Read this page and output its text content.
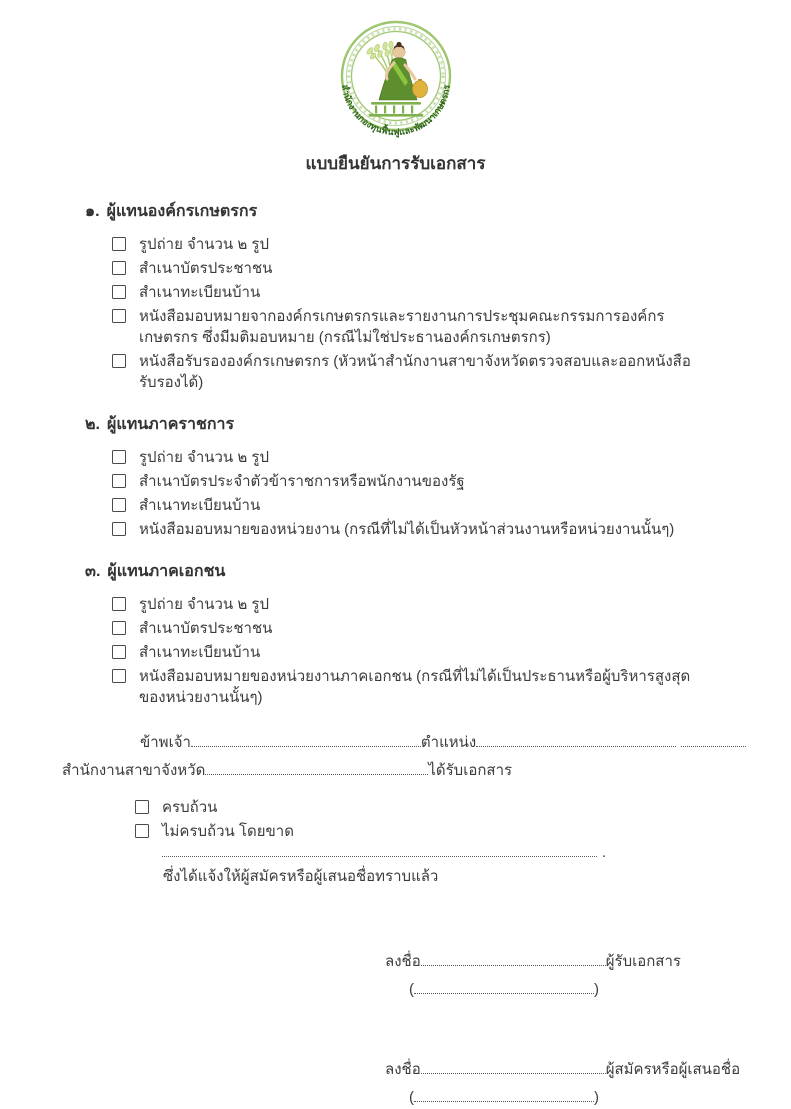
สำนักงานกองทุนฟื้นฟูและพัฒนาเกษตรกร
แบบยืนยันการรับเอกสาร
๑. ผู้แทนองค์กรเกษตรกร
รูปถ่าย จำนวน ๒ รูป
สำเนาบัตรประชาชน
สำเนาทะเบียนบ้าน
หนังสือมอบหมายจากองค์กรเกษตรกรและรายงานการประชุมคณะกรรมการองค์กรเกษตรกร ซึ่งมีมติมอบหมาย (กรณีไม่ใช่ประธานองค์กรเกษตรกร)
หนังสือรับรององค์กรเกษตรกร (หัวหน้าสำนักงานสาขาจังหวัดตรวจสอบและออกหนังสือรับรองได้)
๒. ผู้แทนภาคราชการ
รูปถ่าย จำนวน ๒ รูป
สำเนาบัตรประจำตัวข้าราชการหรือพนักงานของรัฐ
สำเนาทะเบียนบ้าน
หนังสือมอบหมายของหน่วยงาน (กรณีที่ไม่ได้เป็นหัวหน้าส่วนงานหรือหน่วยงานนั้นๆ)
๓. ผู้แทนภาคเอกชน
รูปถ่าย จำนวน ๒ รูป
สำเนาบัตรประชาชน
สำเนาทะเบียนบ้าน
หนังสือมอบหมายของหน่วยงานภาคเอกชน (กรณีที่ไม่ได้เป็นประธานหรือผู้บริหารสูงสุดของหน่วยงานนั้นๆ)
ข้าพเจ้า	ตำแหน่ง
สำนักงานสาขาจังหวัด	ได้รับเอกสาร
ครบถ้วน
ไม่ครบถ้วน โดยขาด.
ซึ่งได้แจ้งให้ผู้สมัครหรือผู้เสนอชื่อทราบแล้ว
ลงชื่อ	ผู้รับเอกสาร
(	)
ลงชื่อ	ผู้สมัครหรือผู้เสนอชื่อ
(	)
